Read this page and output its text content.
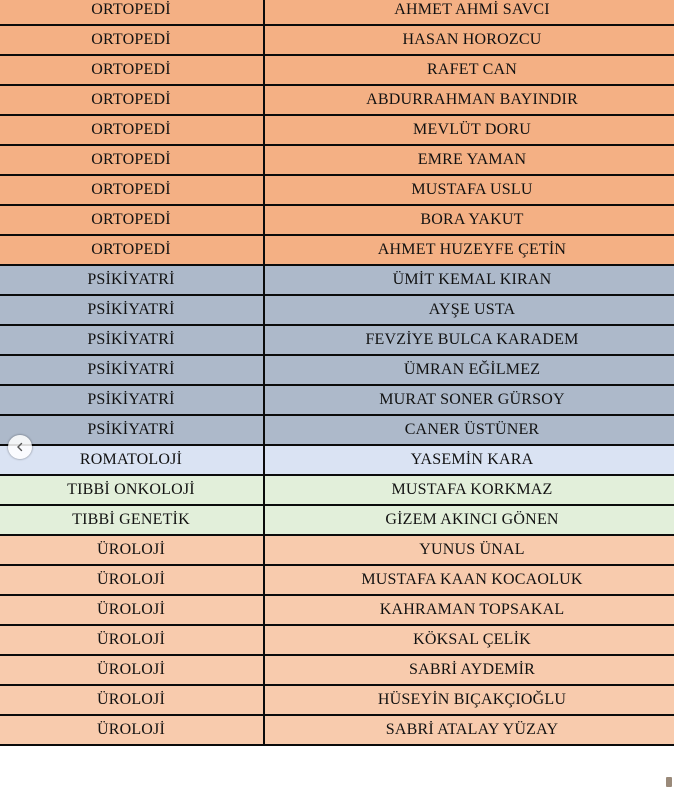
ORTOPEDİ	AHMET AHMİ SAVCI
ORTOPEDİ	HASAN HOROZCU
ORTOPEDİ	RAFET CAN
ORTOPEDİ	ABDURRAHMAN BAYINDIR
ORTOPEDİ	MEVLÜT DORU
ORTOPEDİ	EMRE YAMAN
ORTOPEDİ	MUSTAFA USLU
ORTOPEDİ	BORA YAKUT
ORTOPEDİ	AHMET HUZEYFE ÇETİN
PSİKİYATRİ	ÜMİT KEMAL KIRAN
PSİKİYATRİ	AYŞE USTA
PSİKİYATRİ	FEVZİYE BULCA KARADEM
PSİKİYATRİ	ÜMRAN EĞİLMEZ
PSİKİYATRİ	MURAT SONER GÜRSOY
PSİKİYATRİ	CANER ÜSTÜNER
ROMATOLOJİ	YASEMİN KARA
TIBBİ ONKOLOJİ	MUSTAFA KORKMAZ
TIBBİ GENETİK	GİZEM AKINCI GÖNEN
ÜROLOJİ	YUNUS ÜNAL
ÜROLOJİ	MUSTAFA KAAN KOCAOLUK
ÜROLOJİ	KAHRAMAN TOPSAKAL
ÜROLOJİ	KÖKSAL ÇELİK
ÜROLOJİ	SABRİ AYDEMİR
ÜROLOJİ	HÜSEYİN BIÇAKÇIOĞLU
ÜROLOJİ	SABRİ ATALAY YÜZAY
